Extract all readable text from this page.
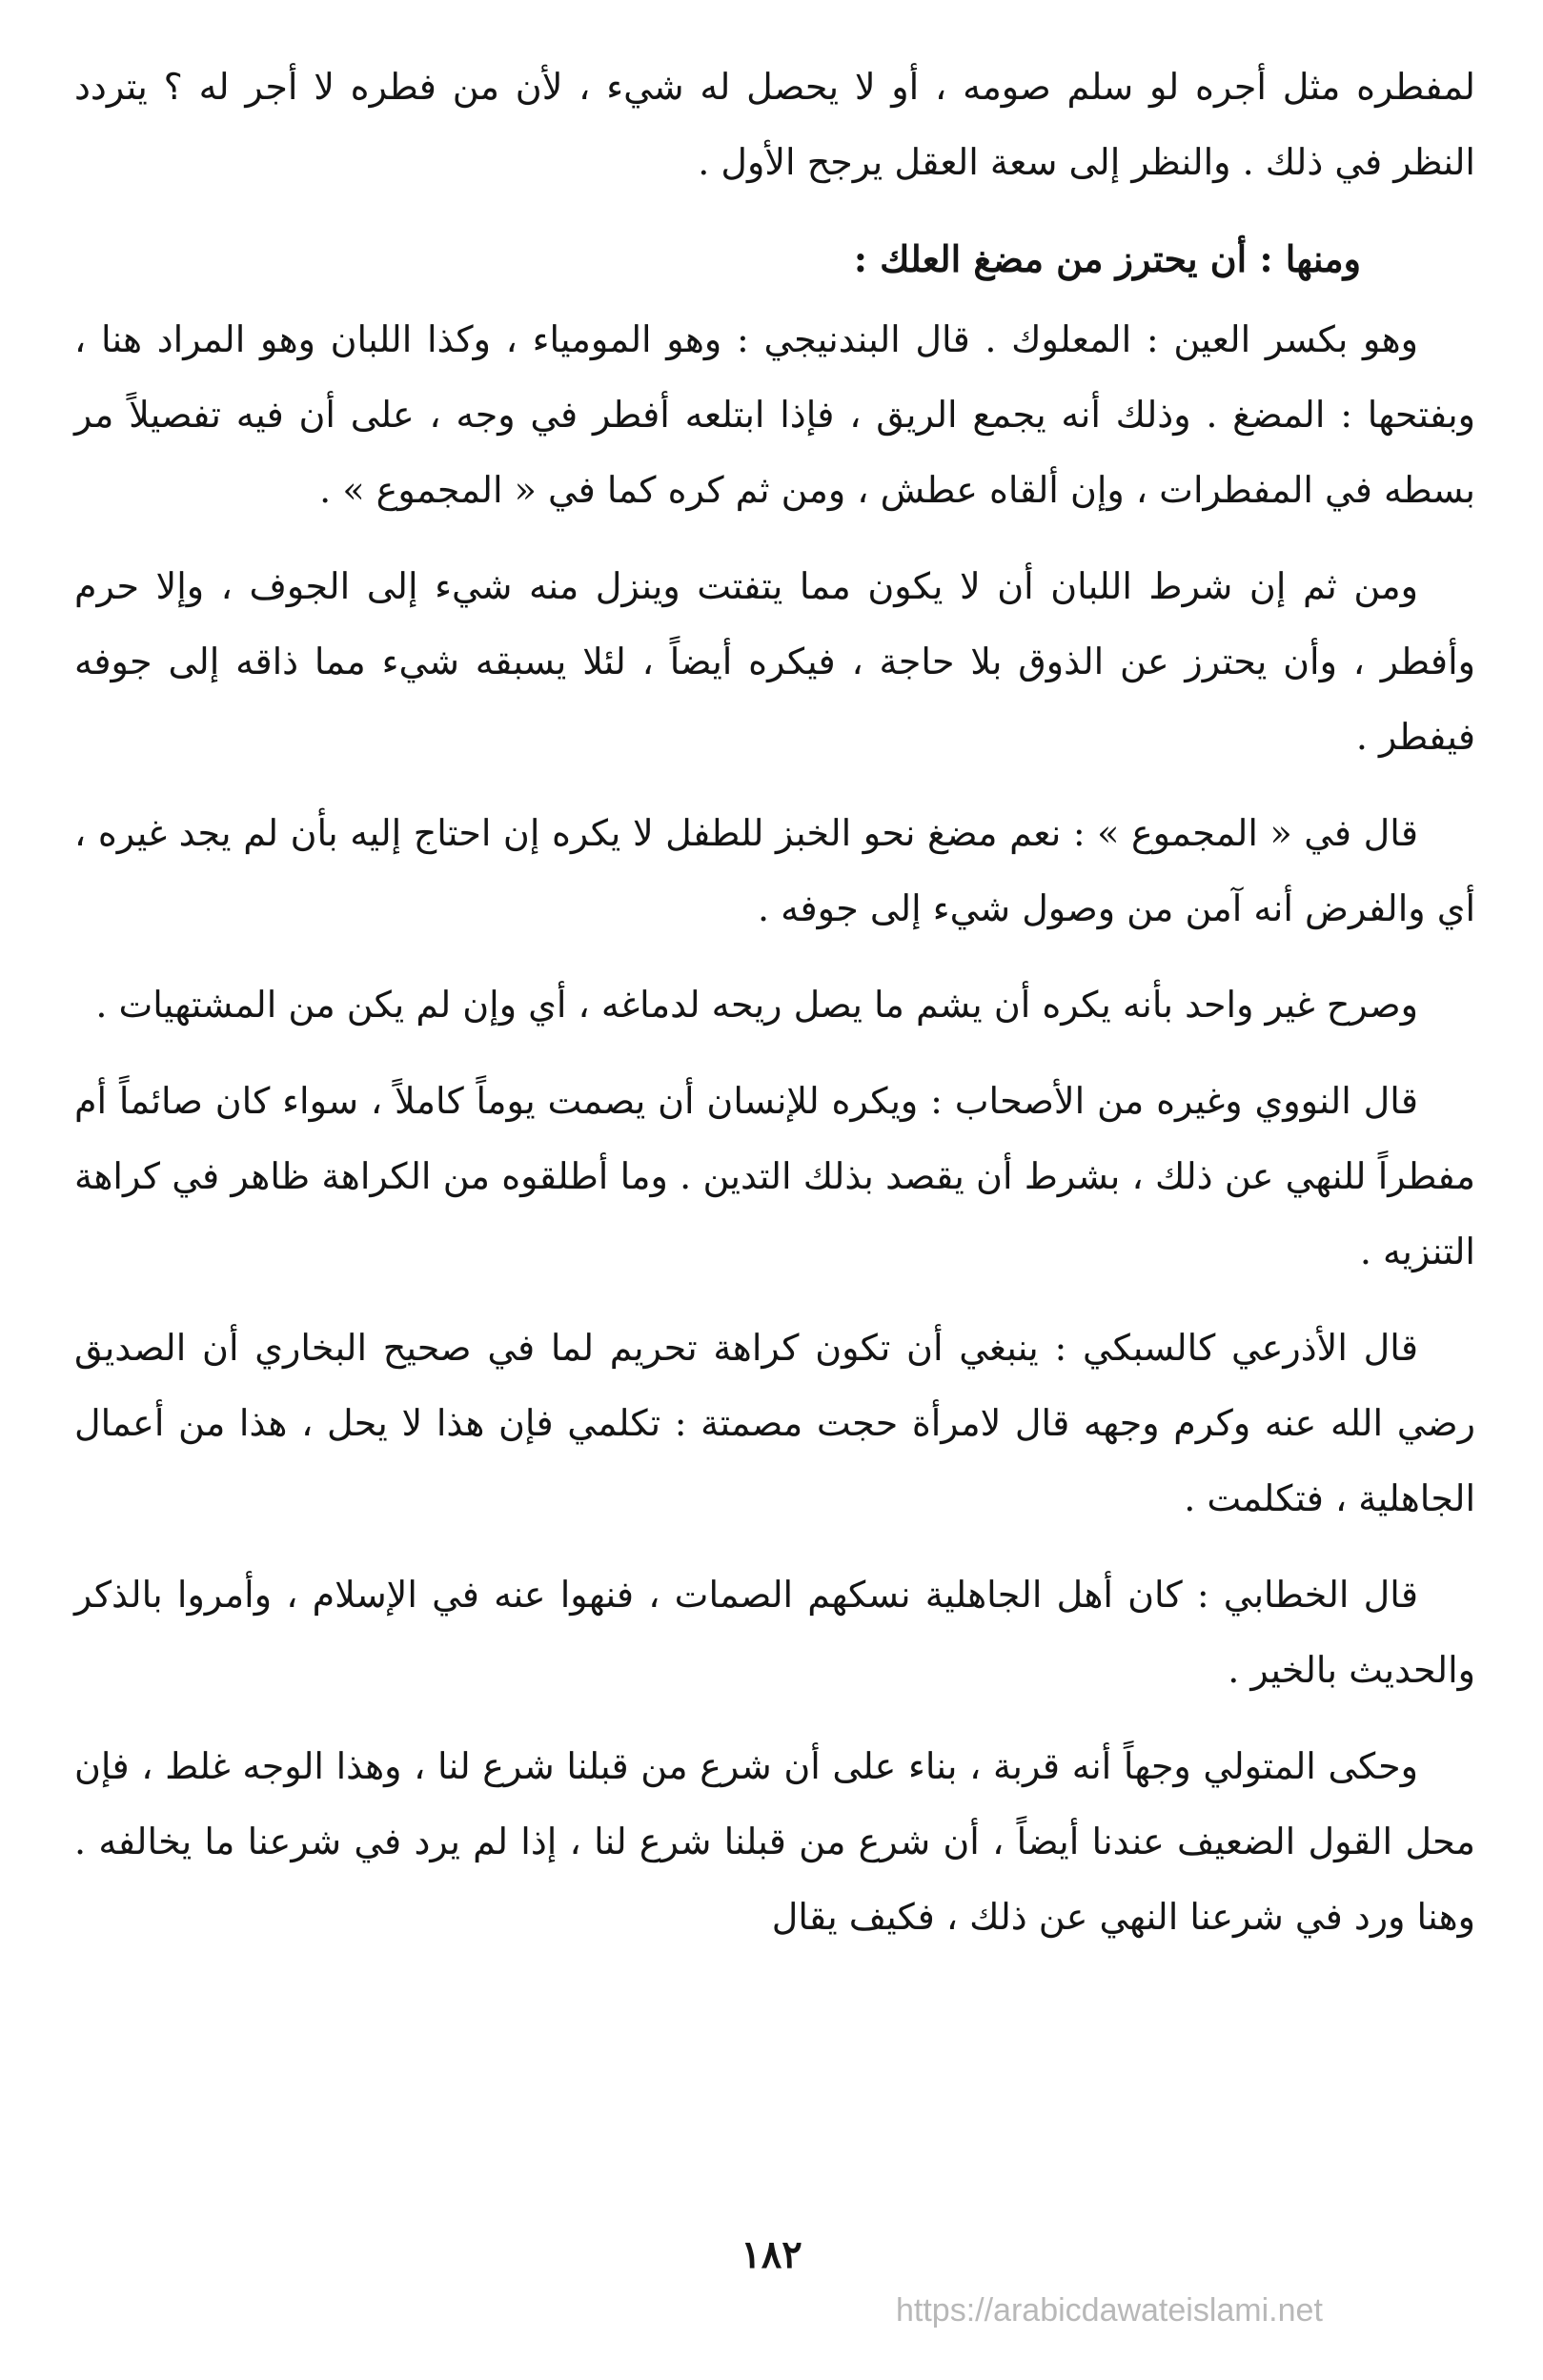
لمفطره مثل أجره لو سلم صومه ، أو لا يحصل له شيء ، لأن من فطره لا أجر له ؟ يتردد النظر في ذلك . والنظر إلى سعة العقل يرجح الأول .

ومنها : أن يحترز من مضغ العلك :

وهو بكسر العين : المعلوك . قال البندنيجي : وهو المومياء ، وكذا اللبان وهو المراد هنا ، وبفتحها : المضغ . وذلك أنه يجمع الريق ، فإذا ابتلعه أفطر في وجه ، على أن فيه تفصيلاً مر بسطه في المفطرات ، وإن ألقاه عطش ، ومن ثم كره كما في « المجموع » .

ومن ثم إن شرط اللبان أن لا يكون مما يتفتت وينزل منه شيء إلى الجوف ، وإلا حرم وأفطر ، وأن يحترز عن الذوق بلا حاجة ، فيكره أيضاً ، لئلا يسبقه شيء مما ذاقه إلى جوفه فيفطر .

قال في « المجموع » : نعم مضغ نحو الخبز للطفل لا يكره إن احتاج إليه بأن لم يجد غيره ، أي والفرض أنه آمن من وصول شيء إلى جوفه .

وصرح غير واحد بأنه يكره أن يشم ما يصل ريحه لدماغه ، أي وإن لم يكن من المشتهيات .

قال النووي وغيره من الأصحاب : ويكره للإنسان أن يصمت يوماً كاملاً ، سواء كان صائماً أم مفطراً للنهي عن ذلك ، بشرط أن يقصد بذلك التدين . وما أطلقوه من الكراهة ظاهر في كراهة التنزيه .

قال الأذرعي كالسبكي : ينبغي أن تكون كراهة تحريم لما في صحيح البخاري أن الصديق رضي الله عنه وكرم وجهه قال لامرأة حجت مصمتة : تكلمي فإن هذا لا يحل ، هذا من أعمال الجاهلية ، فتكلمت .

قال الخطابي : كان أهل الجاهلية نسكهم الصمات ، فنهوا عنه في الإسلام ، وأمروا بالذكر والحديث بالخير .

وحكى المتولي وجهاً أنه قربة ، بناء على أن شرع من قبلنا شرع لنا ، وهذا الوجه غلط ، فإن محل القول الضعيف عندنا أيضاً ، أن شرع من قبلنا شرع لنا ، إذا لم يرد في شرعنا ما يخالفه . وهنا ورد في شرعنا النهي عن ذلك ، فكيف يقال

١٨٢
https://arabicdawateislami.net
